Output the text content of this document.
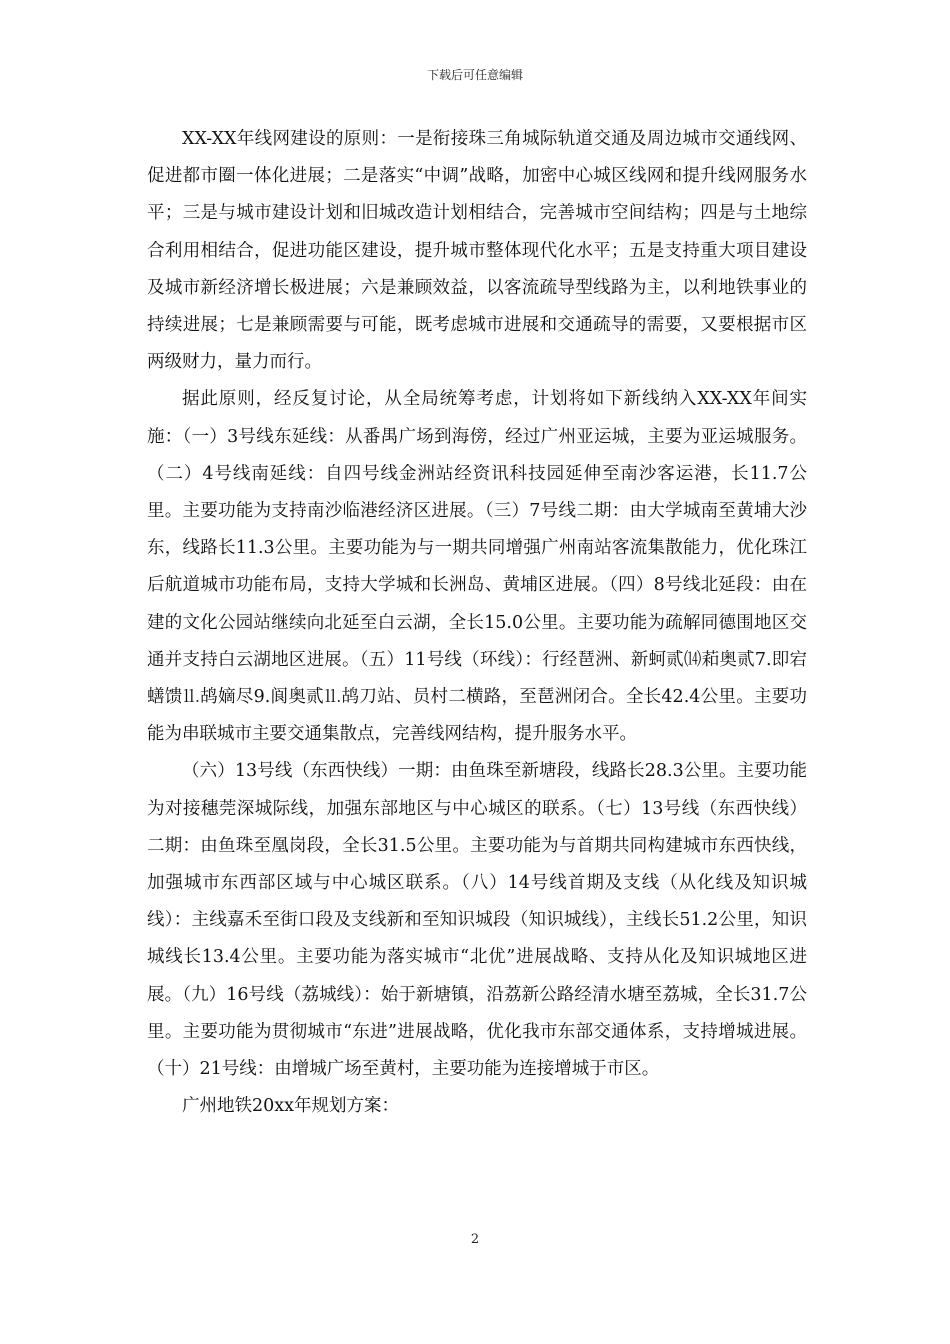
下载后可任意编辑

XX-XX年线网建设的原则：一是衔接珠三角城际轨道交通及周边城市交通线网、促进都市圈一体化进展；二是落实“中调”战略，加密中心城区线网和提升线网服务水平；三是与城市建设计划和旧城改造计划相结合，完善城市空间结构；四是与土地综合利用相结合，促进功能区建设，提升城市整体现代化水平；五是支持重大项目建设及城市新经济增长极进展；六是兼顾效益，以客流疏导型线路为主，以利地铁事业的持续进展；七是兼顾需要与可能，既考虑城市进展和交通疏导的需要，又要根据市区两级财力，量力而行。

据此原则，经反复讨论，从全局统筹考虑，计划将如下新线纳入XX-XX年间实施：（一）3号线东延线：从番禺广场到海傍，经过广州亚运城，主要为亚运城服务。（二）4号线南延线：自四号线金洲站经资讯科技园延伸至南沙客运港，长11.7公里。主要功能为支持南沙临港经济区进展。（三）7号线二期：由大学城南至黄埔大沙东，线路长11.3公里。主要功能为与一期共同增强广州南站客流集散能力，优化珠江后航道城市功能布局，支持大学城和长洲岛、黄埔区进展。（四）8号线北延段：由在建的文化公园站继续向北延至白云湖，全长15.0公里。主要功能为疏解同德围地区交通并支持白云湖地区进展。（五）11号线（环线）：行经琶洲、新蚵贰⒁萂奥贰7.即宕蟮馈⒒鸪嫡尽9.阆奥贰⒒鸪刀站、员村二横路，至琶洲闭合。全长42.4公里。主要功能为串联城市主要交通集散点，完善线网结构，提升服务水平。

（六）13号线（东西快线）一期：由鱼珠至新塘段，线路长28.3公里。主要功能为对接穗莞深城际线，加强东部地区与中心城区的联系。（七）13号线（东西快线）二期：由鱼珠至凰岗段，全长31.5公里。主要功能为与首期共同构建城市东西快线，加强城市东西部区域与中心城区联系。（八）14号线首期及支线（从化线及知识城线）：主线嘉禾至街口段及支线新和至知识城段（知识城线），主线长51.2公里，知识城线长13.4公里。主要功能为落实城市“北优”进展战略、支持从化及知识城地区进展。（九）16号线（荔城线）：始于新塘镇，沿荔新公路经清水塘至荔城，全长31.7公里。主要功能为贯彻城市“东进”进展战略，优化我市东部交通体系，支持增城进展。（十）21号线：由增城广场至黄村，主要功能为连接增城于市区。

广州地铁20xx年规划方案：

2
